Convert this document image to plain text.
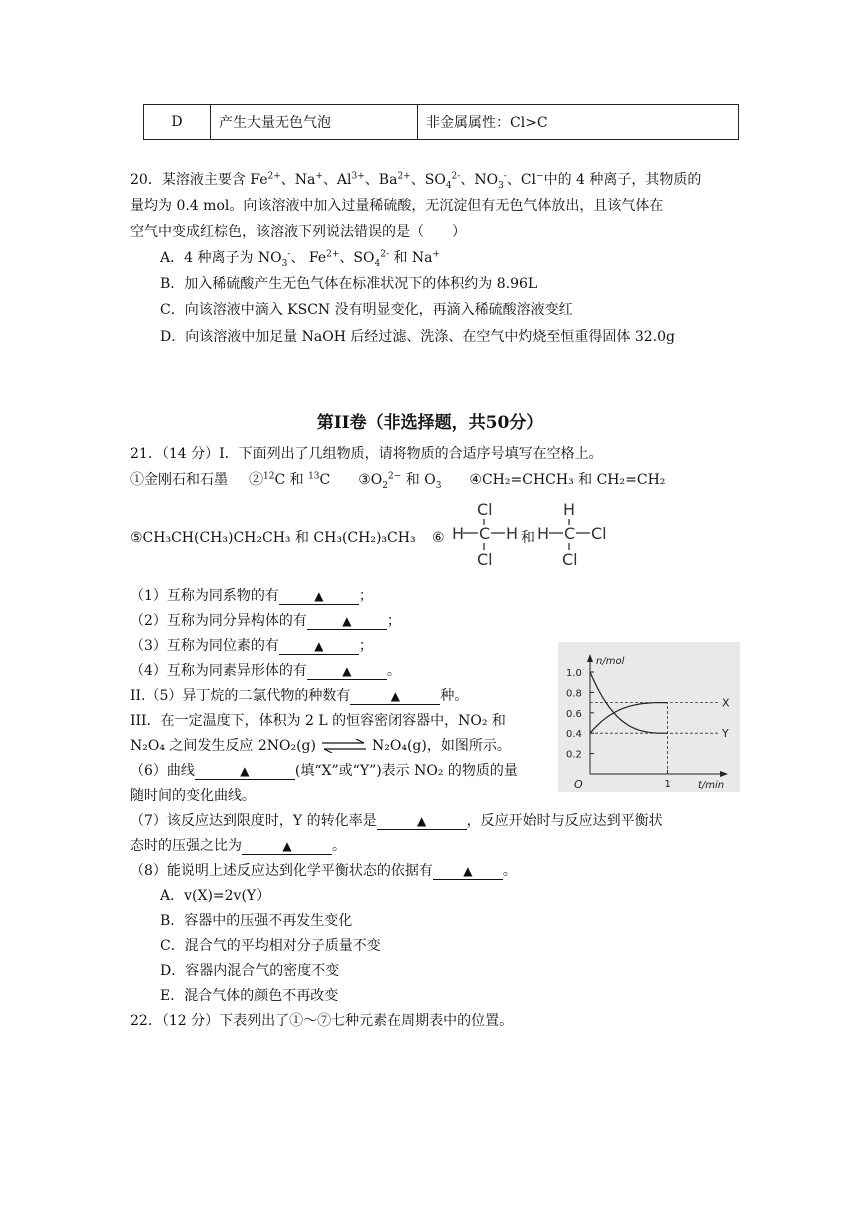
D	产生大量无色气泡	非金属属性：Cl>C
20．某溶液主要含 $Fe^{2+}$、Na+、$Al^{3+}$、$Ba^{2+}$、$SO_4^{2-}$、$NO_3^-$、Cl−中的 4 种离子，其物质的
量均为 0.4 mol。向该溶液中加入过量稀硫酸，无沉淀但有无色气体放出，且该气体在
空气中变成红棕色，该溶液下列说法错误的是（　　）
A．4 种离子为 $NO_3^-$、 $Fe^{2+}$、$SO_4^{2-}$ 和 Na+
B．加入稀硫酸产生无色气体在标准状况下的体积约为 8.96L
C．向该溶液中滴入 KSCN 没有明显变化，再滴入稀硫酸溶液变红
D．向该溶液中加足量 NaOH 后经过滤、洗涤、在空气中灼烧至恒重得固体 32.0g
第II卷（非选择题，共50分）
21．（14 分）I．下面列出了几组物质，请将物质的合适序号填写在空格上。
①金刚石和石墨   ②$^{12}$C 和 $^{13}$C   $③O_2^{2-}$ 和 $O_3$   ④CH₂=CHCH₃ 和 CH₂=CH₂
⑤CH₃CH(CH₃)CH₂CH₃ 和 CH₃(CH₂)₃CH₃ ⑥
Cl
H C H
Cl
和
H
H C Cl
Cl
（1）互称为同系物的有	▲	；
（2）互称为同分异构体的有	▲	；
（3）互称为同位素的有	▲	；
（4）互称为同素异形体的有	▲	。
II.（5）异丁烷的二氯代物的种数有	▲	种。
III．在一定温度下，体积为 2 L 的恒容密闭容器中，NO₂ 和
N₂O₄ 之间发生反应 2NO₂(g) ⇌ N₂O₄(g)，如图所示。
（6）曲线	▲	(填“X”或“Y”)表示 NO₂ 的物质的量
随时间的变化曲线。
（7）该反应达到限度时，Y 的转化率是	▲	，反应开始时与反应达到平衡状
态时的压强之比为	▲	。
（8）能说明上述反应达到化学平衡状态的依据有	▲ 。
A．v(X)=2v(Y）
B．容器中的压强不再发生变化
C．混合气的平均相对分子质量不变
D．容器内混合气的密度不变
E．混合气体的颜色不再改变
22．（12 分）下表列出了①～⑦七种元素在周期表中的位置。
n/mol
t/min
O
1.0
0.8
0.6
0.4
0.2
1
X
Y
